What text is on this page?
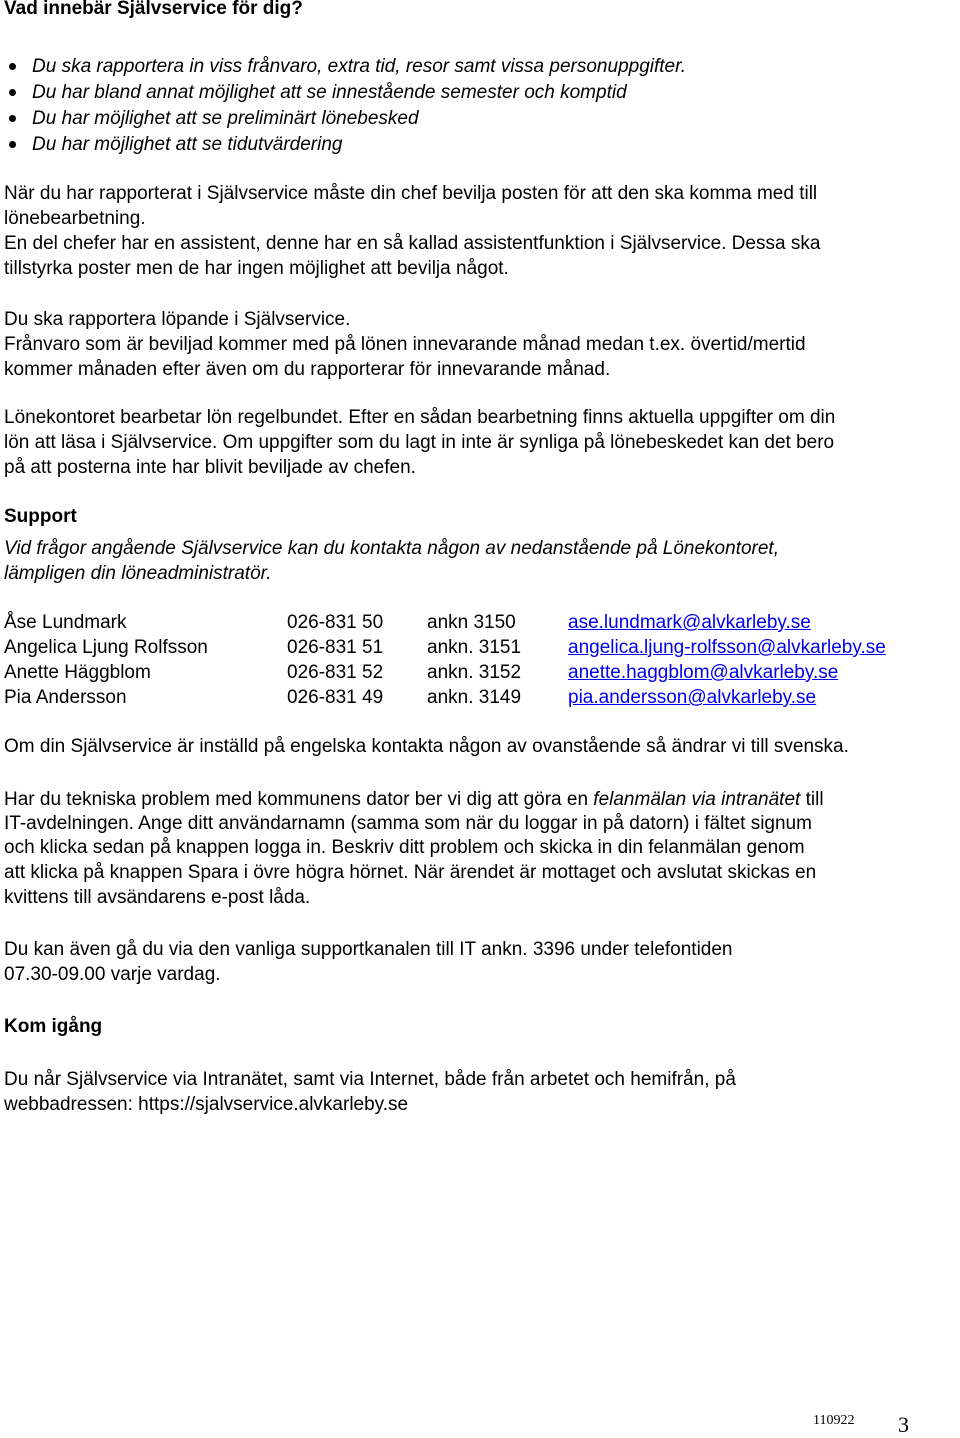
Vad innebär Självservice för dig?
Du ska rapportera in viss frånvaro, extra tid, resor samt vissa personuppgifter.
Du har bland annat möjlighet att se innestående semester och komptid
Du har möjlighet att se preliminärt lönebesked
Du har möjlighet att se tidutvärdering
När du har rapporterat i Självservice måste din chef bevilja posten för att den ska komma med till
lönebearbetning.
En del chefer har en assistent, denne har en så kallad assistentfunktion i Självservice. Dessa ska
tillstyrka poster men de har ingen möjlighet att bevilja något.
Du ska rapportera löpande i Självservice.
Frånvaro som är beviljad kommer med på lönen innevarande månad medan t.ex. övertid/mertid
kommer månaden efter även om du rapporterar för innevarande månad.
Lönekontoret bearbetar lön regelbundet. Efter en sådan bearbetning finns aktuella uppgifter om din
lön att läsa i Självservice. Om uppgifter som du lagt in inte är synliga på lönebeskedet kan det bero
på att posterna inte har blivit beviljade av chefen.
Support
Vid frågor angående Självservice kan du kontakta någon av nedanstående på Lönekontoret,
lämpligen din löneadministratör.
Åse Lundmark	026-831 50 ankn 3150	ase.lundmark@alvkarleby.se
Angelica Ljung Rolfsson	026-831 51 ankn. 3151 angelica.ljung-rolfsson@alvkarleby.se
Anette Häggblom	026-831 52 ankn. 3152 anette.haggblom@alvkarleby.se
Pia Andersson	026-831 49 ankn. 3149 pia.andersson@alvkarleby.se
Om din Självservice är inställd på engelska kontakta någon av ovanstående så ändrar vi till svenska.
Har du tekniska problem med kommunens dator ber vi dig att göra en felanmälan via intranätet till
IT-avdelningen. Ange ditt användarnamn (samma som när du loggar in på datorn) i fältet signum
och klicka sedan på knappen logga in. Beskriv ditt problem och skicka in din felanmälan genom
att klicka på knappen Spara i övre högra hörnet. När ärendet är mottaget och avslutat skickas en
kvittens till avsändarens e-post låda.
Du kan även gå du via den vanliga supportkanalen till IT ankn. 3396 under telefontiden
07.30-09.00 varje vardag.
Kom igång
Du når Självservice via Intranätet, samt via Internet, både från arbetet och hemifrån, på
webbadressen: https://sjalvservice.alvkarleby.se
110922 3
